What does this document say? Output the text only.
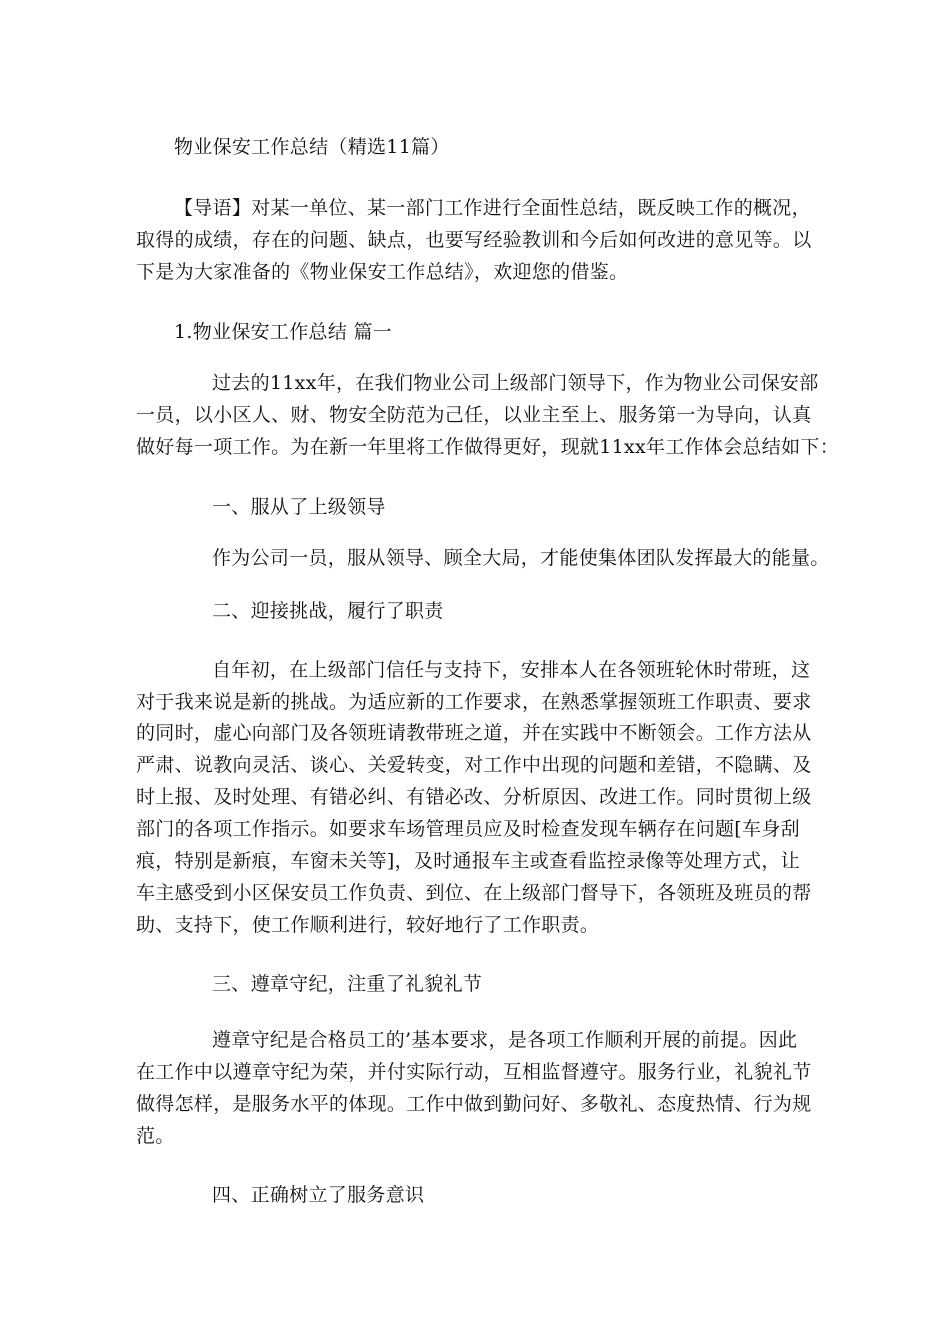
物业保安工作总结（精选11篇）
【导语】对某一单位、某一部门工作进行全面性总结，既反映工作的概况，
取得的成绩，存在的问题、缺点，也要写经验教训和今后如何改进的意见等。以
下是为大家准备的《物业保安工作总结》，欢迎您的借鉴。
1.物业保安工作总结 篇一
过去的11xx年，在我们物业公司上级部门领导下，作为物业公司保安部
一员，以小区人、财、物安全防范为己任，以业主至上、服务第一为导向，认真
做好每一项工作。为在新一年里将工作做得更好，现就11xx年工作体会总结如下：
一、服从了上级领导
作为公司一员，服从领导、顾全大局，才能使集体团队发挥最大的能量。
二、迎接挑战，履行了职责
自年初，在上级部门信任与支持下，安排本人在各领班轮休时带班，这
对于我来说是新的挑战。为适应新的工作要求，在熟悉掌握领班工作职责、要求
的同时，虚心向部门及各领班请教带班之道，并在实践中不断领会。工作方法从
严肃、说教向灵活、谈心、关爱转变，对工作中出现的问题和差错，不隐瞒、及
时上报、及时处理、有错必纠、有错必改、分析原因、改进工作。同时贯彻上级
部门的各项工作指示。如要求车场管理员应及时检查发现车辆存在问题[车身刮
痕，特别是新痕，车窗未关等]，及时通报车主或查看监控录像等处理方式，让
车主感受到小区保安员工作负责、到位、在上级部门督导下，各领班及班员的帮
助、支持下，使工作顺利进行，较好地行了工作职责。
三、遵章守纪，注重了礼貌礼节
遵章守纪是合格员工的’基本要求，是各项工作顺利开展的前提。因此
在工作中以遵章守纪为荣，并付实际行动，互相监督遵守。服务行业，礼貌礼节
做得怎样，是服务水平的体现。工作中做到勤问好、多敬礼、态度热情、行为规
范。
四、正确树立了服务意识
